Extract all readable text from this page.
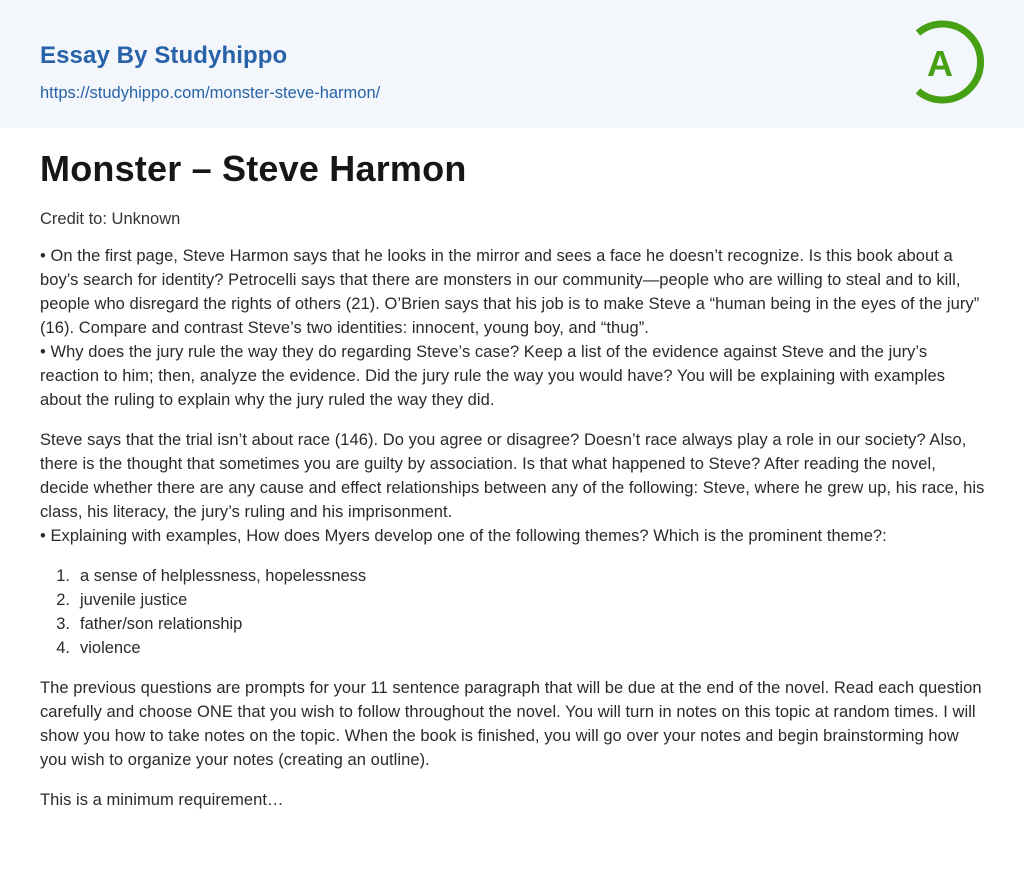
Essay By Studyhippo
https://studyhippo.com/monster-steve-harmon/
A
Monster – Steve Harmon
Credit to: Unknown
• On the first page, Steve Harmon says that he looks in the mirror and sees a face he doesn’t recognize. Is this book about a boy’s search for identity? Petrocelli says that there are monsters in our community—people who are willing to steal and to kill, people who disregard the rights of others (21). O’Brien says that his job is to make Steve a “human being in the eyes of the jury” (16). Compare and contrast Steve’s two identities: innocent, young boy, and “thug”.
• Why does the jury rule the way they do regarding Steve’s case? Keep a list of the evidence against Steve and the jury’s reaction to him; then, analyze the evidence. Did the jury rule the way you would have? You will be explaining with examples about the ruling to explain why the jury ruled the way they did.
Steve says that the trial isn’t about race (146). Do you agree or disagree? Doesn’t race always play a role in our society? Also, there is the thought that sometimes you are guilty by association. Is that what happened to Steve? After reading the novel, decide whether there are any cause and effect relationships between any of the following: Steve, where he grew up, his race, his class, his literacy, the jury’s ruling and his imprisonment.
• Explaining with examples, How does Myers develop one of the following themes? Which is the prominent theme?:
1. a sense of helplessness, hopelessness
2. juvenile justice
3. father/son relationship
4. violence
The previous questions are prompts for your 11 sentence paragraph that will be due at the end of the novel. Read each question carefully and choose ONE that you wish to follow throughout the novel. You will turn in notes on this topic at random times. I will show you how to take notes on the topic. When the book is finished, you will go over your notes and begin brainstorming how you wish to organize your notes (creating an outline).
This is a minimum requirement…
